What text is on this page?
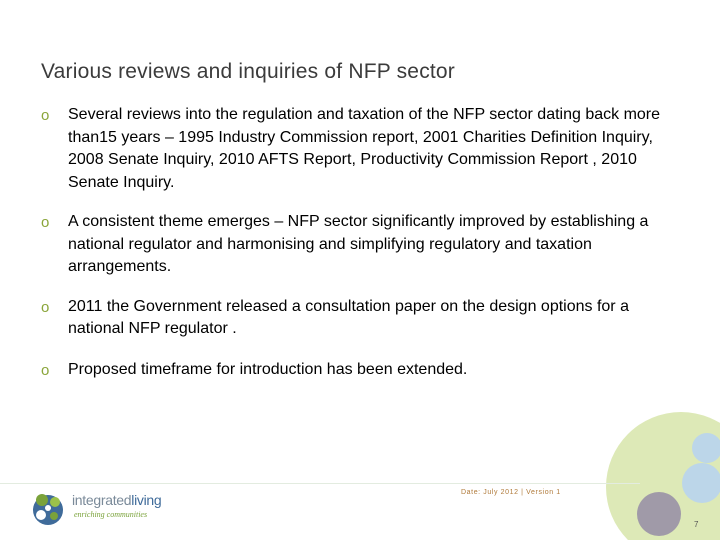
Various reviews and inquiries of NFP sector
o Several reviews into the regulation and taxation of the NFP sector dating back more than15 years – 1995 Industry Commission report, 2001 Charities Definition Inquiry, 2008 Senate Inquiry, 2010 AFTS Report, Productivity Commission Report , 2010 Senate Inquiry.
o A consistent theme emerges – NFP sector significantly improved by establishing a national regulator and harmonising and simplifying regulatory and taxation arrangements.
o 2011 the Government released a consultation paper on the design options for a national NFP regulator .
o Proposed timeframe for introduction has been extended.
Date: July 2012 | Version 1
7
integratedliving
enriching communities
